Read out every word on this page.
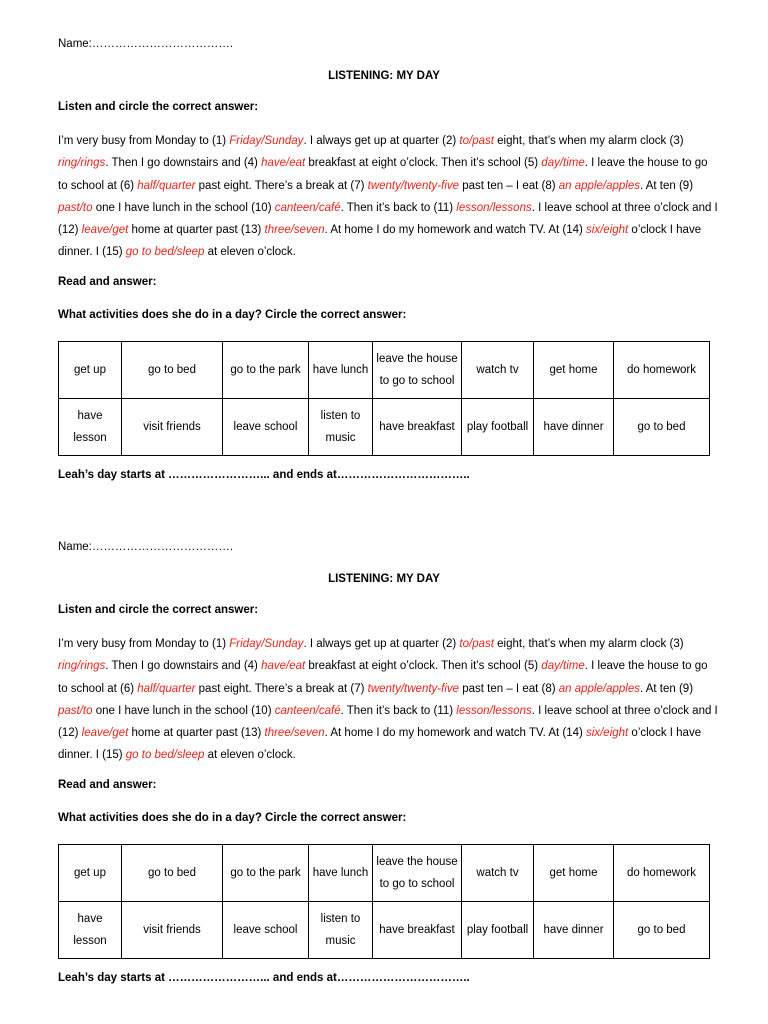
Name:……………………………….
LISTENING: MY DAY
Listen and circle the correct answer:
I’m very busy from Monday to (1) Friday/Sunday. I always get up at quarter (2) to/past eight, that’s when my alarm clock (3) ring/rings. Then I go downstairs and (4) have/eat breakfast at eight o’clock. Then it’s school (5) day/time. I leave the house to go to school at (6) half/quarter past eight. There’s a break at (7) twenty/twenty-five past ten – I eat (8) an apple/apples. At ten (9) past/to one I have lunch in the school (10) canteen/café. Then it’s back to (11) lesson/lessons. I leave school at three o’clock and I (12) leave/get home at quarter past (13) three/seven. At home I do my homework and watch TV. At (14) six/eight o’clock I have dinner. I (15) go to bed/sleep at eleven o’clock.
Read and answer:
What activities does she do in a day? Circle the correct answer:
get up	go to bed	go to the park	have lunch	leave the house to go to school	watch tv	get home	do homework
have lesson	visit friends	leave school	listen to music	have breakfast	play football	have dinner	go to bed
Leah’s day starts at ……………………... and ends at……………………………..
Name:……………………………….
LISTENING: MY DAY
Listen and circle the correct answer:
I’m very busy from Monday to (1) Friday/Sunday. I always get up at quarter (2) to/past eight, that’s when my alarm clock (3) ring/rings. Then I go downstairs and (4) have/eat breakfast at eight o’clock. Then it’s school (5) day/time. I leave the house to go to school at (6) half/quarter past eight. There’s a break at (7) twenty/twenty-five past ten – I eat (8) an apple/apples. At ten (9) past/to one I have lunch in the school (10) canteen/café. Then it’s back to (11) lesson/lessons. I leave school at three o’clock and I (12) leave/get home at quarter past (13) three/seven. At home I do my homework and watch TV. At (14) six/eight o’clock I have dinner. I (15) go to bed/sleep at eleven o’clock.
Read and answer:
What activities does she do in a day? Circle the correct answer:
get up	go to bed	go to the park	have lunch	leave the house to go to school	watch tv	get home	do homework
have lesson	visit friends	leave school	listen to music	have breakfast	play football	have dinner	go to bed
Leah’s day starts at ……………………... and ends at……………………………..
